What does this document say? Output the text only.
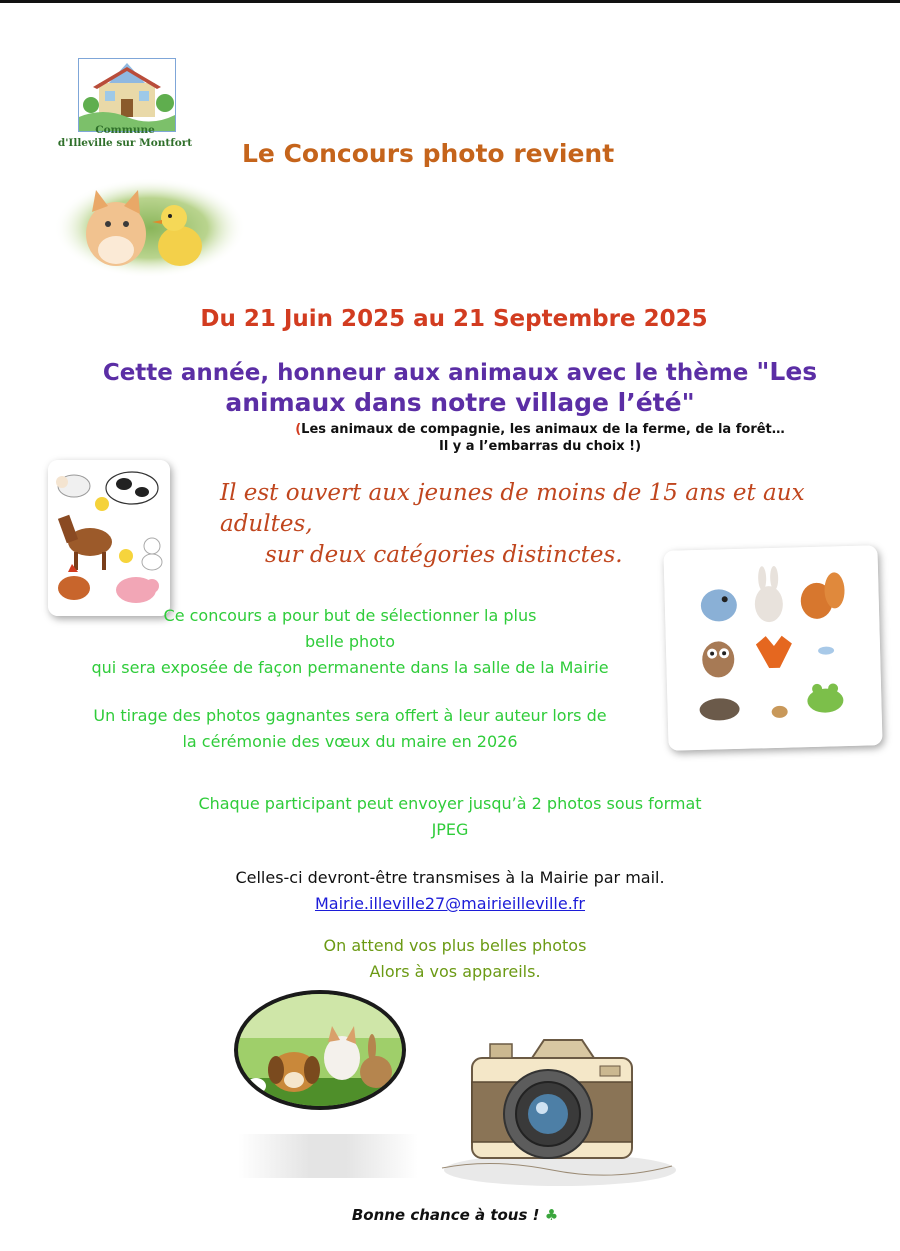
Commune
d'Illeville sur Montfort	Le Concours photo revient
Du 21 Juin 2025 au 21 Septembre 2025
Cette année, honneur aux animaux avec le thème "Les animaux dans notre village l’été"
(Les animaux de compagnie, les animaux de la ferme, de la forêt…
Il y a l’embarras du choix !)
Il est ouvert aux jeunes de moins de 15 ans et aux adultes,
sur deux catégories distinctes.
Ce concours a pour but de sélectionner la plus
belle photo
qui sera exposée de façon permanente dans la salle de la Mairie
Un tirage des photos gagnantes sera offert à leur auteur lors de
la cérémonie des vœux du maire en 2026
Chaque participant peut envoyer jusqu’à 2 photos sous format
JPEG
Celles-ci devront-être transmises à la Mairie par mail.
Mairie.illeville27@mairieilleville.fr
On attend vos plus belles photos
Alors à vos appareils.
Bonne chance à tous ! ♣
